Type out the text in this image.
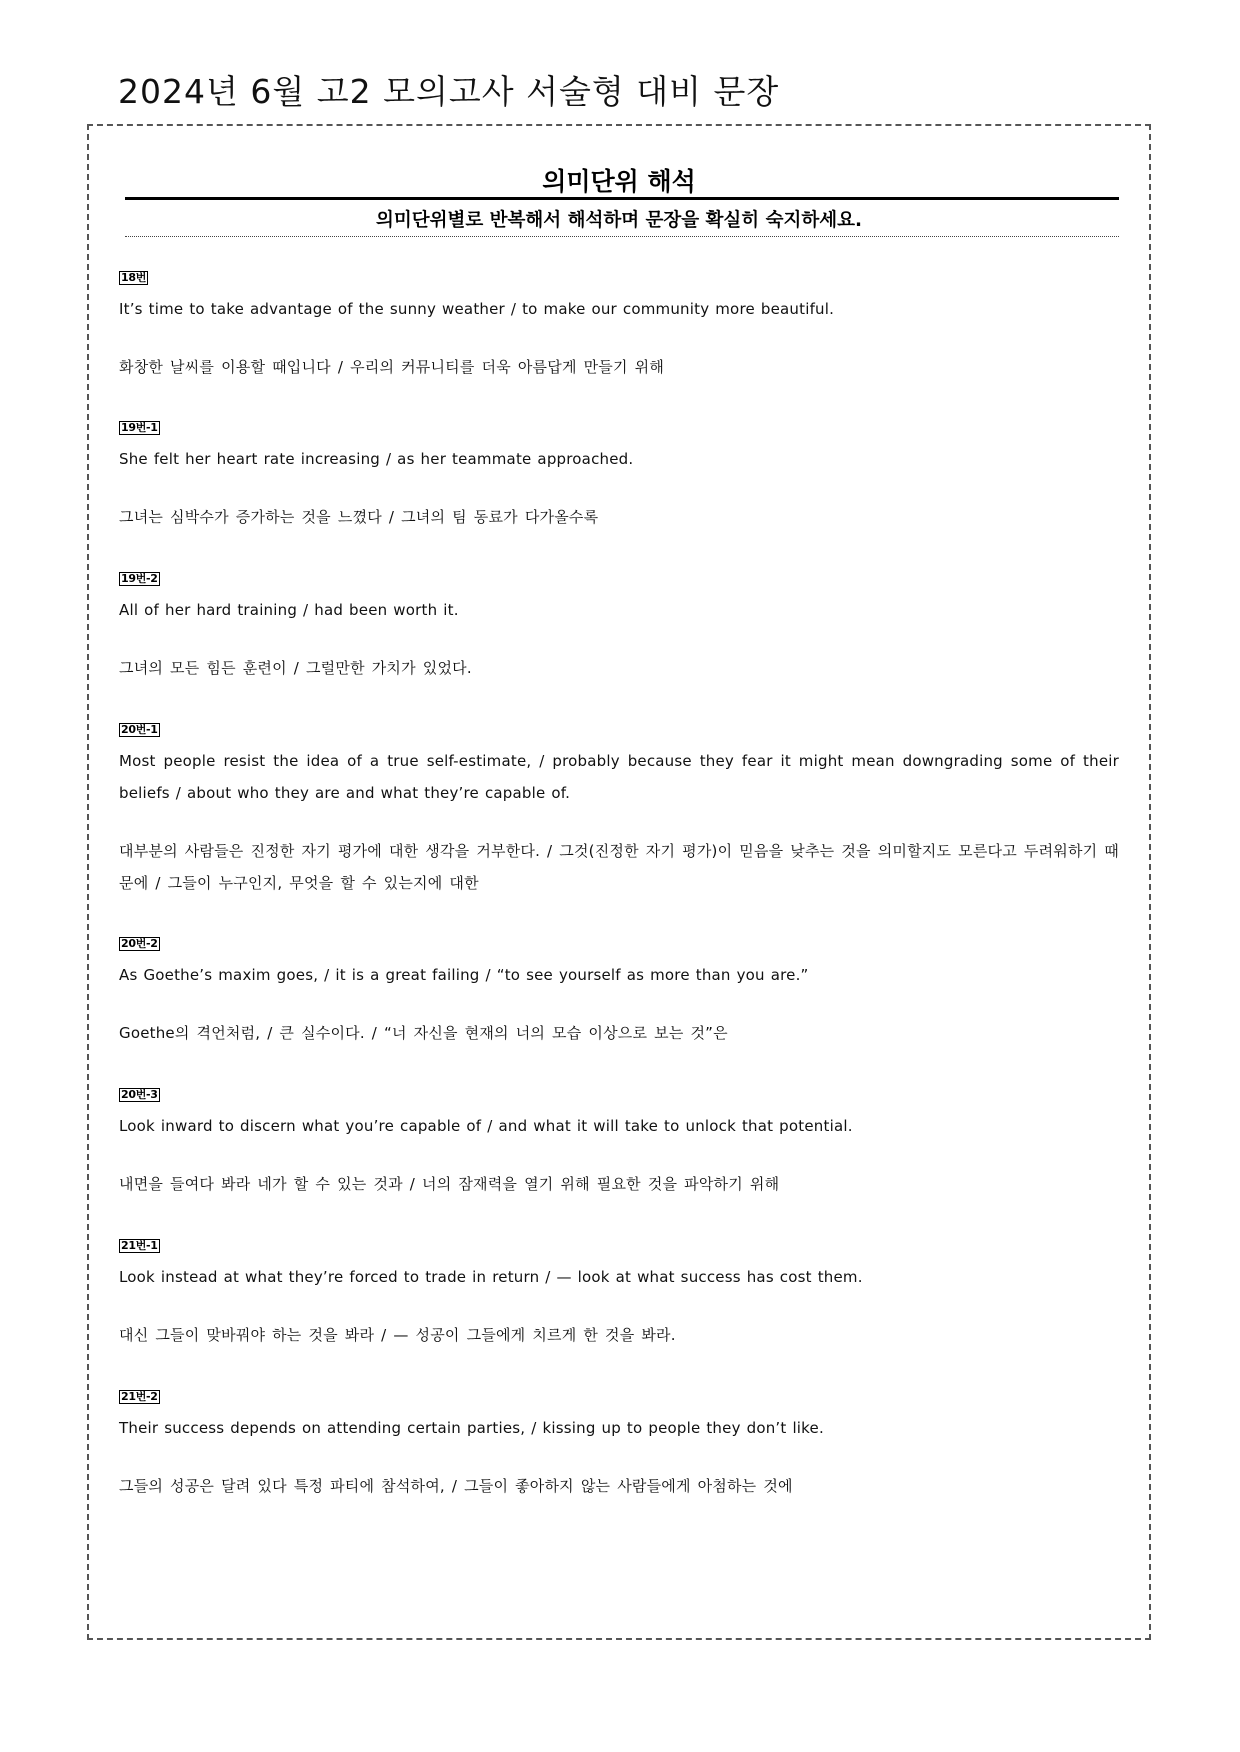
2024년 6월 고2 모의고사 서술형 대비 문장
의미단위 해석

의미단위별로 반복해서 해석하며 문장을 확실히 숙지하세요.

18번
It’s time to take advantage of the sunny weather / to make our community more beautiful.
화창한 날씨를 이용할 때입니다 / 우리의 커뮤니티를 더욱 아름답게 만들기 위해
19번-1
She felt her heart rate increasing / as her teammate approached.
그녀는 심박수가 증가하는 것을 느꼈다 / 그녀의 팀 동료가 다가올수록
19번-2
All of her hard training / had been worth it.
그녀의 모든 힘든 훈련이 / 그럴만한 가치가 있었다.
20번-1
Most people resist the idea of a true self-estimate, / probably because they fear it might mean downgrading some of their beliefs / about who they are and what they’re capable of.
대부분의 사람들은 진정한 자기 평가에 대한 생각을 거부한다. / 그것(진정한 자기 평가)이 믿음을 낮추는 것을 의미할지도 모른다고 두려워하기 때문에 / 그들이 누구인지, 무엇을 할 수 있는지에 대한
20번-2
As Goethe’s maxim goes, / it is a great failing / “to see yourself as more than you are.”
Goethe의 격언처럼, / 큰 실수이다. / “너 자신을 현재의 너의 모습 이상으로 보는 것”은
20번-3
Look inward to discern what you’re capable of / and what it will take to unlock that potential.
내면을 들여다 봐라 네가 할 수 있는 것과 / 너의 잠재력을 열기 위해 필요한 것을 파악하기 위해
21번-1
Look instead at what they’re forced to trade in return / — look at what success has cost them.
대신 그들이 맞바꿔야 하는 것을 봐라 / — 성공이 그들에게 치르게 한 것을 봐라.
21번-2
Their success depends on attending certain parties, / kissing up to people they don’t like.
그들의 성공은 달려 있다 특정 파티에 참석하여, / 그들이 좋아하지 않는 사람들에게 아첨하는 것에
